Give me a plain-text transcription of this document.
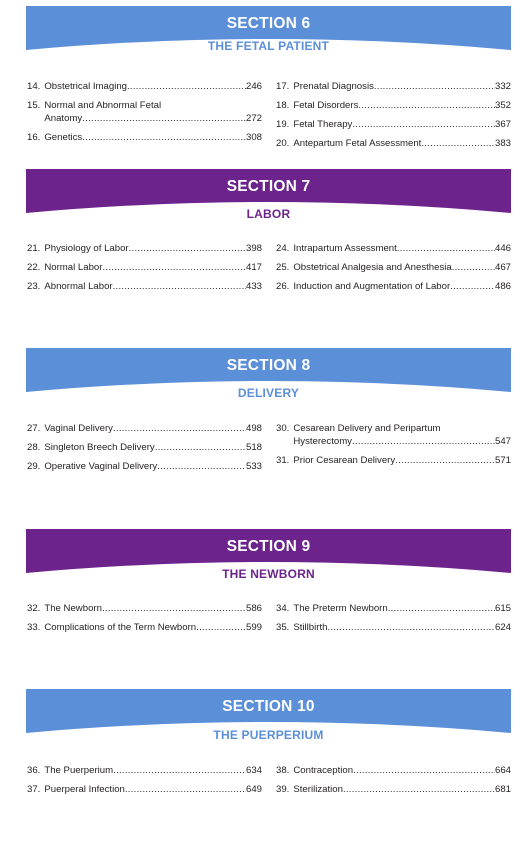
SECTION 6
THE FETAL PATIENT
14. Obstetrical Imaging . . .	246
15. Normal and Abnormal Fetal
Anatomy . . .	272
16. Genetics . . .	308
17. Prenatal Diagnosis . . .	332
18. Fetal Disorders . . .	352
19. Fetal Therapy . . .	367
20. Antepartum Fetal Assessment . . .	383
SECTION 7
LABOR
21. Physiology of Labor . . .	398
22. Normal Labor . . .	417
23. Abnormal Labor . . .	433
24. Intrapartum Assessment . . .	446
25. Obstetrical Analgesia and Anesthesia . . .	467
26. Induction and Augmentation of Labor . . .	486
SECTION 8
DELIVERY
27. Vaginal Delivery . . .	498
28. Singleton Breech Delivery . . .	518
29. Operative Vaginal Delivery . . .	533
30. Cesarean Delivery and Peripartum
Hysterectomy . . .	547
31. Prior Cesarean Delivery . . .	571
SECTION 9
THE NEWBORN
32. The Newborn . . .	586
33. Complications of the Term Newborn . . .	599
34. The Preterm Newborn . . .	615
35. Stillbirth . . .	624
SECTION 10
THE PUERPERIUM
36. The Puerperium . . .	634
37. Puerperal Infection . . .	649
38. Contraception . . .	664
39. Sterilization . . .	681
